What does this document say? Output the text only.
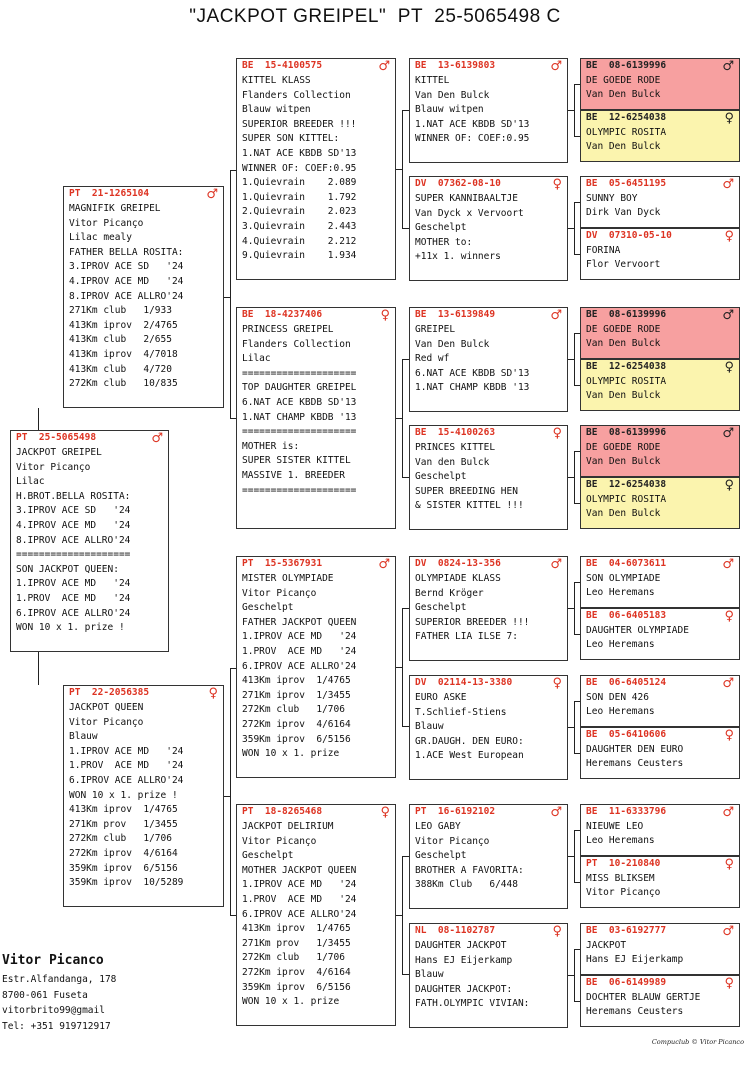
"JACKPOT GREIPEL"  PT  25-5065498 C
PT  25-5065498	♂
JACKPOT GREIPEL
Vitor Picanço
Lilac
H.BROT.BELLA ROSITA:
3.IPROV ACE SD   '24
4.IPROV ACE MD   '24
8.IPROV ACE ALLRO'24
====================
SON JACKPOT QUEEN:
1.IPROV ACE MD   '24
1.PROV  ACE MD   '24
6.IPROV ACE ALLRO'24
WON 10 x 1. prize !
PT  21-1265104	♂
MAGNIFIK GREIPEL
Vitor Picanço
Lilac mealy
FATHER BELLA ROSITA:
3.IPROV ACE SD   '24
4.IPROV ACE MD   '24
8.IPROV ACE ALLRO'24
271Km club   1/933
413Km iprov  2/4765
413Km club   2/655
413Km iprov  4/7018
413Km club   4/720
272Km club   10/835
PT  22-2056385	♀
JACKPOT QUEEN
Vitor Picanço
Blauw
1.IPROV ACE MD   '24
1.PROV  ACE MD   '24
6.IPROV ACE ALLRO'24
WON 10 x 1. prize !
413Km iprov  1/4765
271Km prov   1/3455
272Km club   1/706
272Km iprov  4/6164
359Km iprov  6/5156
359Km iprov  10/5289
BE  15-4100575	♂
KITTEL KLASS
Flanders Collection
Blauw witpen
SUPERIOR BREEDER !!!
SUPER SON KITTEL:
1.NAT ACE KBDB SD'13
WINNER OF: COEF:0.95
1.Quievrain    2.089
1.Quievrain    1.792
2.Quievrain    2.023
3.Quievrain    2.443
4.Quievrain    2.212
9.Quievrain    1.934
BE  18-4237406	♀
PRINCESS GREIPEL
Flanders Collection
Lilac
====================
TOP DAUGHTER GREIPEL
6.NAT ACE KBDB SD'13
1.NAT CHAMP KBDB '13
====================
MOTHER is:
SUPER SISTER KITTEL
MASSIVE 1. BREEDER
====================
PT  15-5367931	♂
MISTER OLYMPIADE
Vitor Picanço
Geschelpt
FATHER JACKPOT QUEEN
1.IPROV ACE MD   '24
1.PROV  ACE MD   '24
6.IPROV ACE ALLRO'24
413Km iprov  1/4765
271Km iprov  1/3455
272Km club   1/706
272Km iprov  4/6164
359Km iprov  6/5156
WON 10 x 1. prize
PT  18-8265468	♀
JACKPOT DELIRIUM
Vitor Picanço
Geschelpt
MOTHER JACKPOT QUEEN
1.IPROV ACE MD   '24
1.PROV  ACE MD   '24
6.IPROV ACE ALLRO'24
413Km iprov  1/4765
271Km prov   1/3455
272Km club   1/706
272Km iprov  4/6164
359Km iprov  6/5156
WON 10 x 1. prize
BE  13-6139803	♂
KITTEL
Van Den Bulck
Blauw witpen
1.NAT ACE KBDB SD'13
WINNER OF: COEF:0.95
DV  07362-08-10	♀
SUPER KANNIBAALTJE
Van Dyck x Vervoort
Geschelpt
MOTHER to:
+11x 1. winners
BE  13-6139849	♂
GREIPEL
Van Den Bulck
Red wf
6.NAT ACE KBDB SD'13
1.NAT CHAMP KBDB '13
BE  15-4100263	♀
PRINCES KITTEL
Van den Bulck
Geschelpt
SUPER BREEDING HEN
& SISTER KITTEL !!!
DV  0824-13-356	♂
OLYMPIADE KLASS
Bernd Kröger
Geschelpt
SUPERIOR BREEDER !!!
FATHER LIA ILSE 7:
DV  02114-13-3380	♀
EURO ASKE
T.Schlief-Stiens
Blauw
GR.DAUGH. DEN EURO:
1.ACE West European
PT  16-6192102	♂
LEO GABY
Vitor Picanço
Geschelpt
BROTHER A FAVORITA:
388Km Club   6/448
NL  08-1102787	♀
DAUGHTER JACKPOT
Hans EJ Eijerkamp
Blauw
DAUGHTER JACKPOT:
FATH.OLYMPIC VIVIAN:
BE  08-6139996	♂
DE GOEDE RODE
Van Den Bulck
BE  12-6254038	♀
OLYMPIC ROSITA
Van Den Bulck
BE  05-6451195	♂
SUNNY BOY
Dirk Van Dyck
DV  07310-05-10	♀
FORINA
Flor Vervoort
BE  08-6139996	♂
DE GOEDE RODE
Van Den Bulck
BE  12-6254038	♀
OLYMPIC ROSITA
Van Den Bulck
BE  08-6139996	♂
DE GOEDE RODE
Van Den Bulck
BE  12-6254038	♀
OLYMPIC ROSITA
Van Den Bulck
BE  04-6073611	♂
SON OLYMPIADE
Leo Heremans
BE  06-6405183	♀
DAUGHTER OLYMPIADE
Leo Heremans
BE  06-6405124	♂
SON DEN 426
Leo Heremans
BE  05-6410606	♀
DAUGHTER DEN EURO
Heremans Ceusters
BE  11-6333796	♂
NIEUWE LEO
Leo Heremans
PT  10-210840	♀
MISS BLIKSEM
Vitor Picanço
BE  03-6192777	♂
JACKPOT
Hans EJ Eijerkamp
BE  06-6149989	♀
DOCHTER BLAUW GERTJE
Heremans Ceusters
Vitor Picanco
Estr.Alfandanga, 178
8700-061 Fuseta
vitorbrito99@gmail
Tel: +351 919712917
Compuclub © Vitor Picanco
